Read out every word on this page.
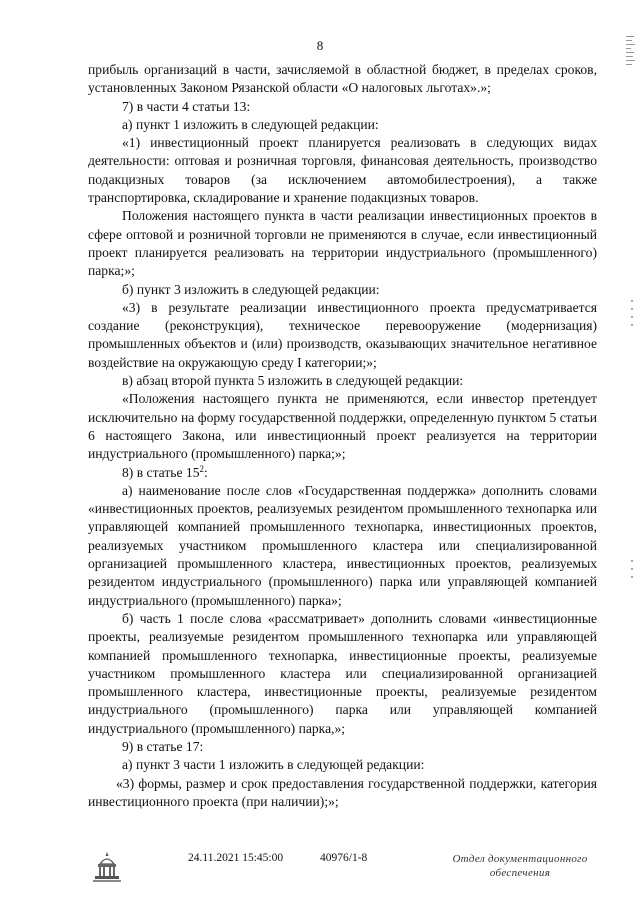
8

прибыль организаций в части, зачисляемой в областной бюджет, в пределах сроков, установленных Законом Рязанской области «О налоговых льготах».»;

7) в части 4 статьи 13:

а) пункт 1 изложить в следующей редакции:

«1) инвестиционный проект планируется реализовать в следующих видах деятельности: оптовая и розничная торговля, финансовая деятельность, производство подакцизных товаров (за исключением автомобилестроения), а также транспортировка, складирование и хранение подакцизных товаров.

Положения настоящего пункта в части реализации инвестиционных проектов в сфере оптовой и розничной торговли не применяются в случае, если инвестиционный проект планируется реализовать на территории индустриального (промышленного) парка;»;

б) пункт 3 изложить в следующей редакции:

«3) в результате реализации инвестиционного проекта предусматривается создание (реконструкция), техническое перевооружение (модернизация) промышленных объектов и (или) производств, оказывающих значительное негативное воздействие на окружающую среду I категории;»;

в) абзац второй пункта 5 изложить в следующей редакции:

«Положения настоящего пункта не применяются, если инвестор претендует исключительно на форму государственной поддержки, определенную пунктом 5 статьи 6 настоящего Закона, или инвестиционный проект реализуется на территории индустриального (промышленного) парка;»;

8) в статье $15^2$:

а) наименование после слов «Государственная поддержка» дополнить словами «инвестиционных проектов, реализуемых резидентом промышленного технопарка или управляющей компанией промышленного технопарка, инвестиционных проектов, реализуемых участником промышленного кластера или специализированной организацией промышленного кластера, инвестиционных проектов, реализуемых резидентом индустриального (промышленного) парка или управляющей компанией индустриального (промышленного) парка»;

б) часть 1 после слова «рассматривает» дополнить словами «инвестиционные проекты, реализуемые резидентом промышленного технопарка или управляющей компанией промышленного технопарка, инвестиционные проекты, реализуемые участником промышленного кластера или специализированной организацией промышленного кластера, инвестиционные проекты, реализуемые резидентом индустриального (промышленного) парка или управляющей компанией индустриального (промышленного) парка,»;

9) в статье 17:

а) пункт 3 части 1 изложить в следующей редакции:

«3) формы, размер и срок предоставления государственной поддержки, категория инвестиционного проекта (при наличии);»;

24.11.2021 15:45:00	40976/1-8	Отдел документационного
обеспечения
